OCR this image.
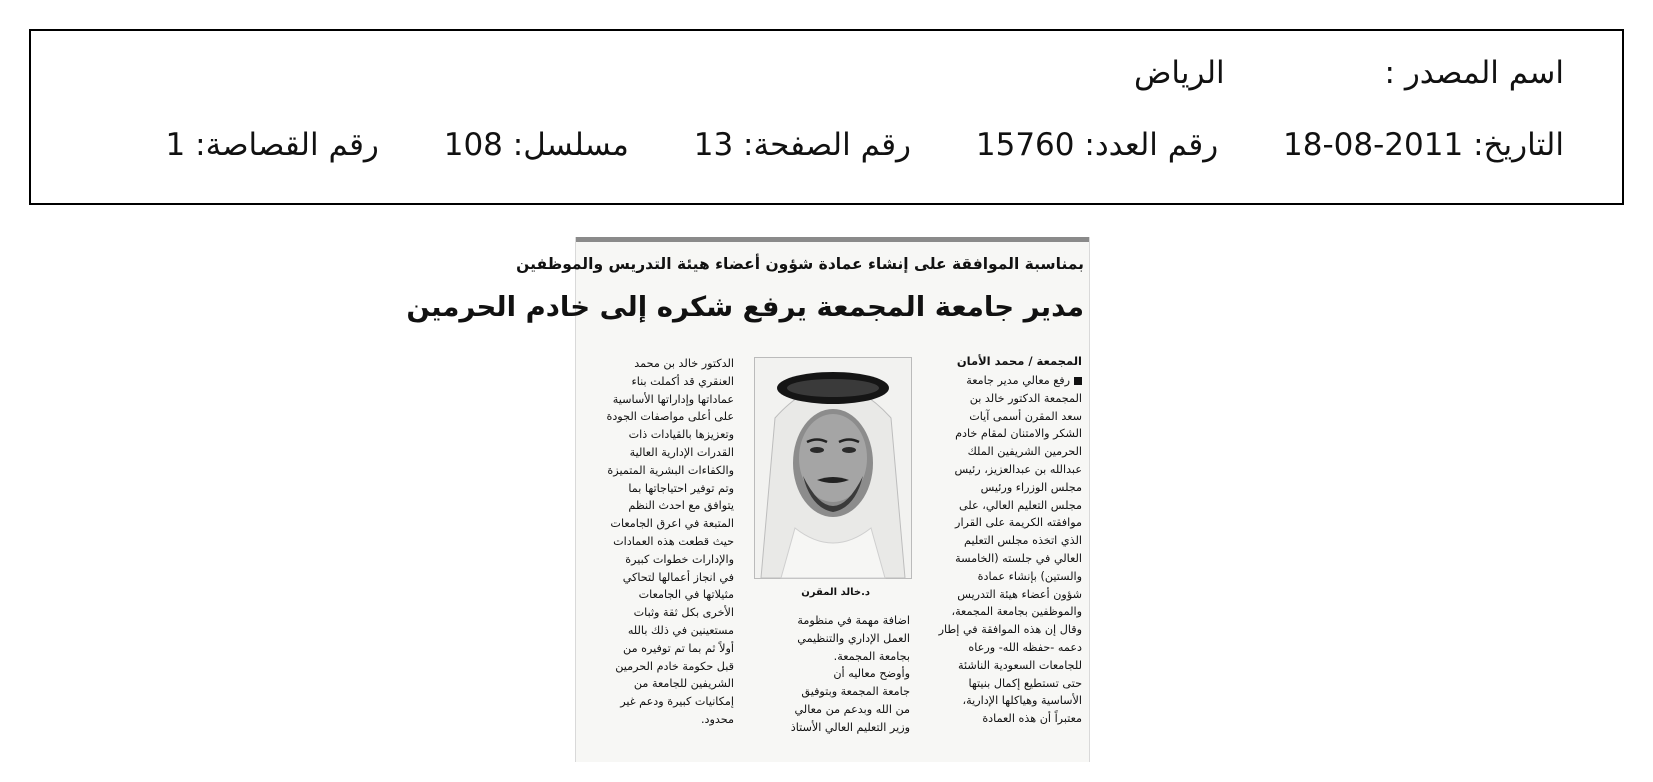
اسم المصدر : الرياض
التاريخ: 18-08-2011 رقم العدد: 15760 رقم الصفحة: 13 مسلسل: 108 رقم القصاصة: 1
بمناسبة الموافقة على إنشاء عمادة شؤون أعضاء هيئة التدريس والموظفين
مدير جامعة المجمعة يرفع شكره إلى خادم الحرمين
المجمعة / محمد الأمان
رفع معالي مدير جامعة
المجمعة الدكتور خالد بن
سعد المقرن أسمى آيات
الشكر والامتنان لمقام خادم
الحرمين الشريفين الملك
عبدالله بن عبدالعزيز، رئيس
مجلس الوزراء ورئيس
مجلس التعليم العالي، على
موافقته الكريمة على القرار
الذي اتخذه مجلس التعليم
العالي في جلسته (الخامسة
والستين) بإنشاء عمادة
شؤون أعضاء هيئة التدريس
والموظفين بجامعة المجمعة،
وقال إن هذه الموافقة في إطار
دعمه -حفظه الله- ورعاه
للجامعات السعودية الناشئة
حتى تستطيع إكمال بنيتها
الأساسية وهياكلها الإدارية،
معتبراً أن هذه العمادة
د.خالد المقرن
اضافة مهمة في منظومة
العمل الإداري والتنظيمي
بجامعة المجمعة.
وأوضح معاليه أن
جامعة المجمعة وبتوفيق
من الله وبدعم من معالي
وزير التعليم العالي الأستاذ
الدكتور خالد بن محمد
العنقري قد أكملت بناء
عماداتها وإداراتها الأساسية
على أعلى مواصفات الجودة
وتعزيزها بالقيادات ذات
القدرات الإدارية العالية
والكفاءات البشرية المتميزة
وتم توفير احتياجاتها بما
يتوافق مع احدث النظم
المتبعة في اعرق الجامعات
حيث قطعت هذه العمادات
والإدارات خطوات كبيرة
في انجاز أعمالها لتحاكي
مثيلاتها في الجامعات
الأخرى بكل ثقة وثبات
مستعينين في ذلك بالله
أولاً ثم بما تم توفيره من
قبل حكومة خادم الحرمين
الشريفين للجامعة من
إمكانيات كبيرة ودعم غير
محدود.
